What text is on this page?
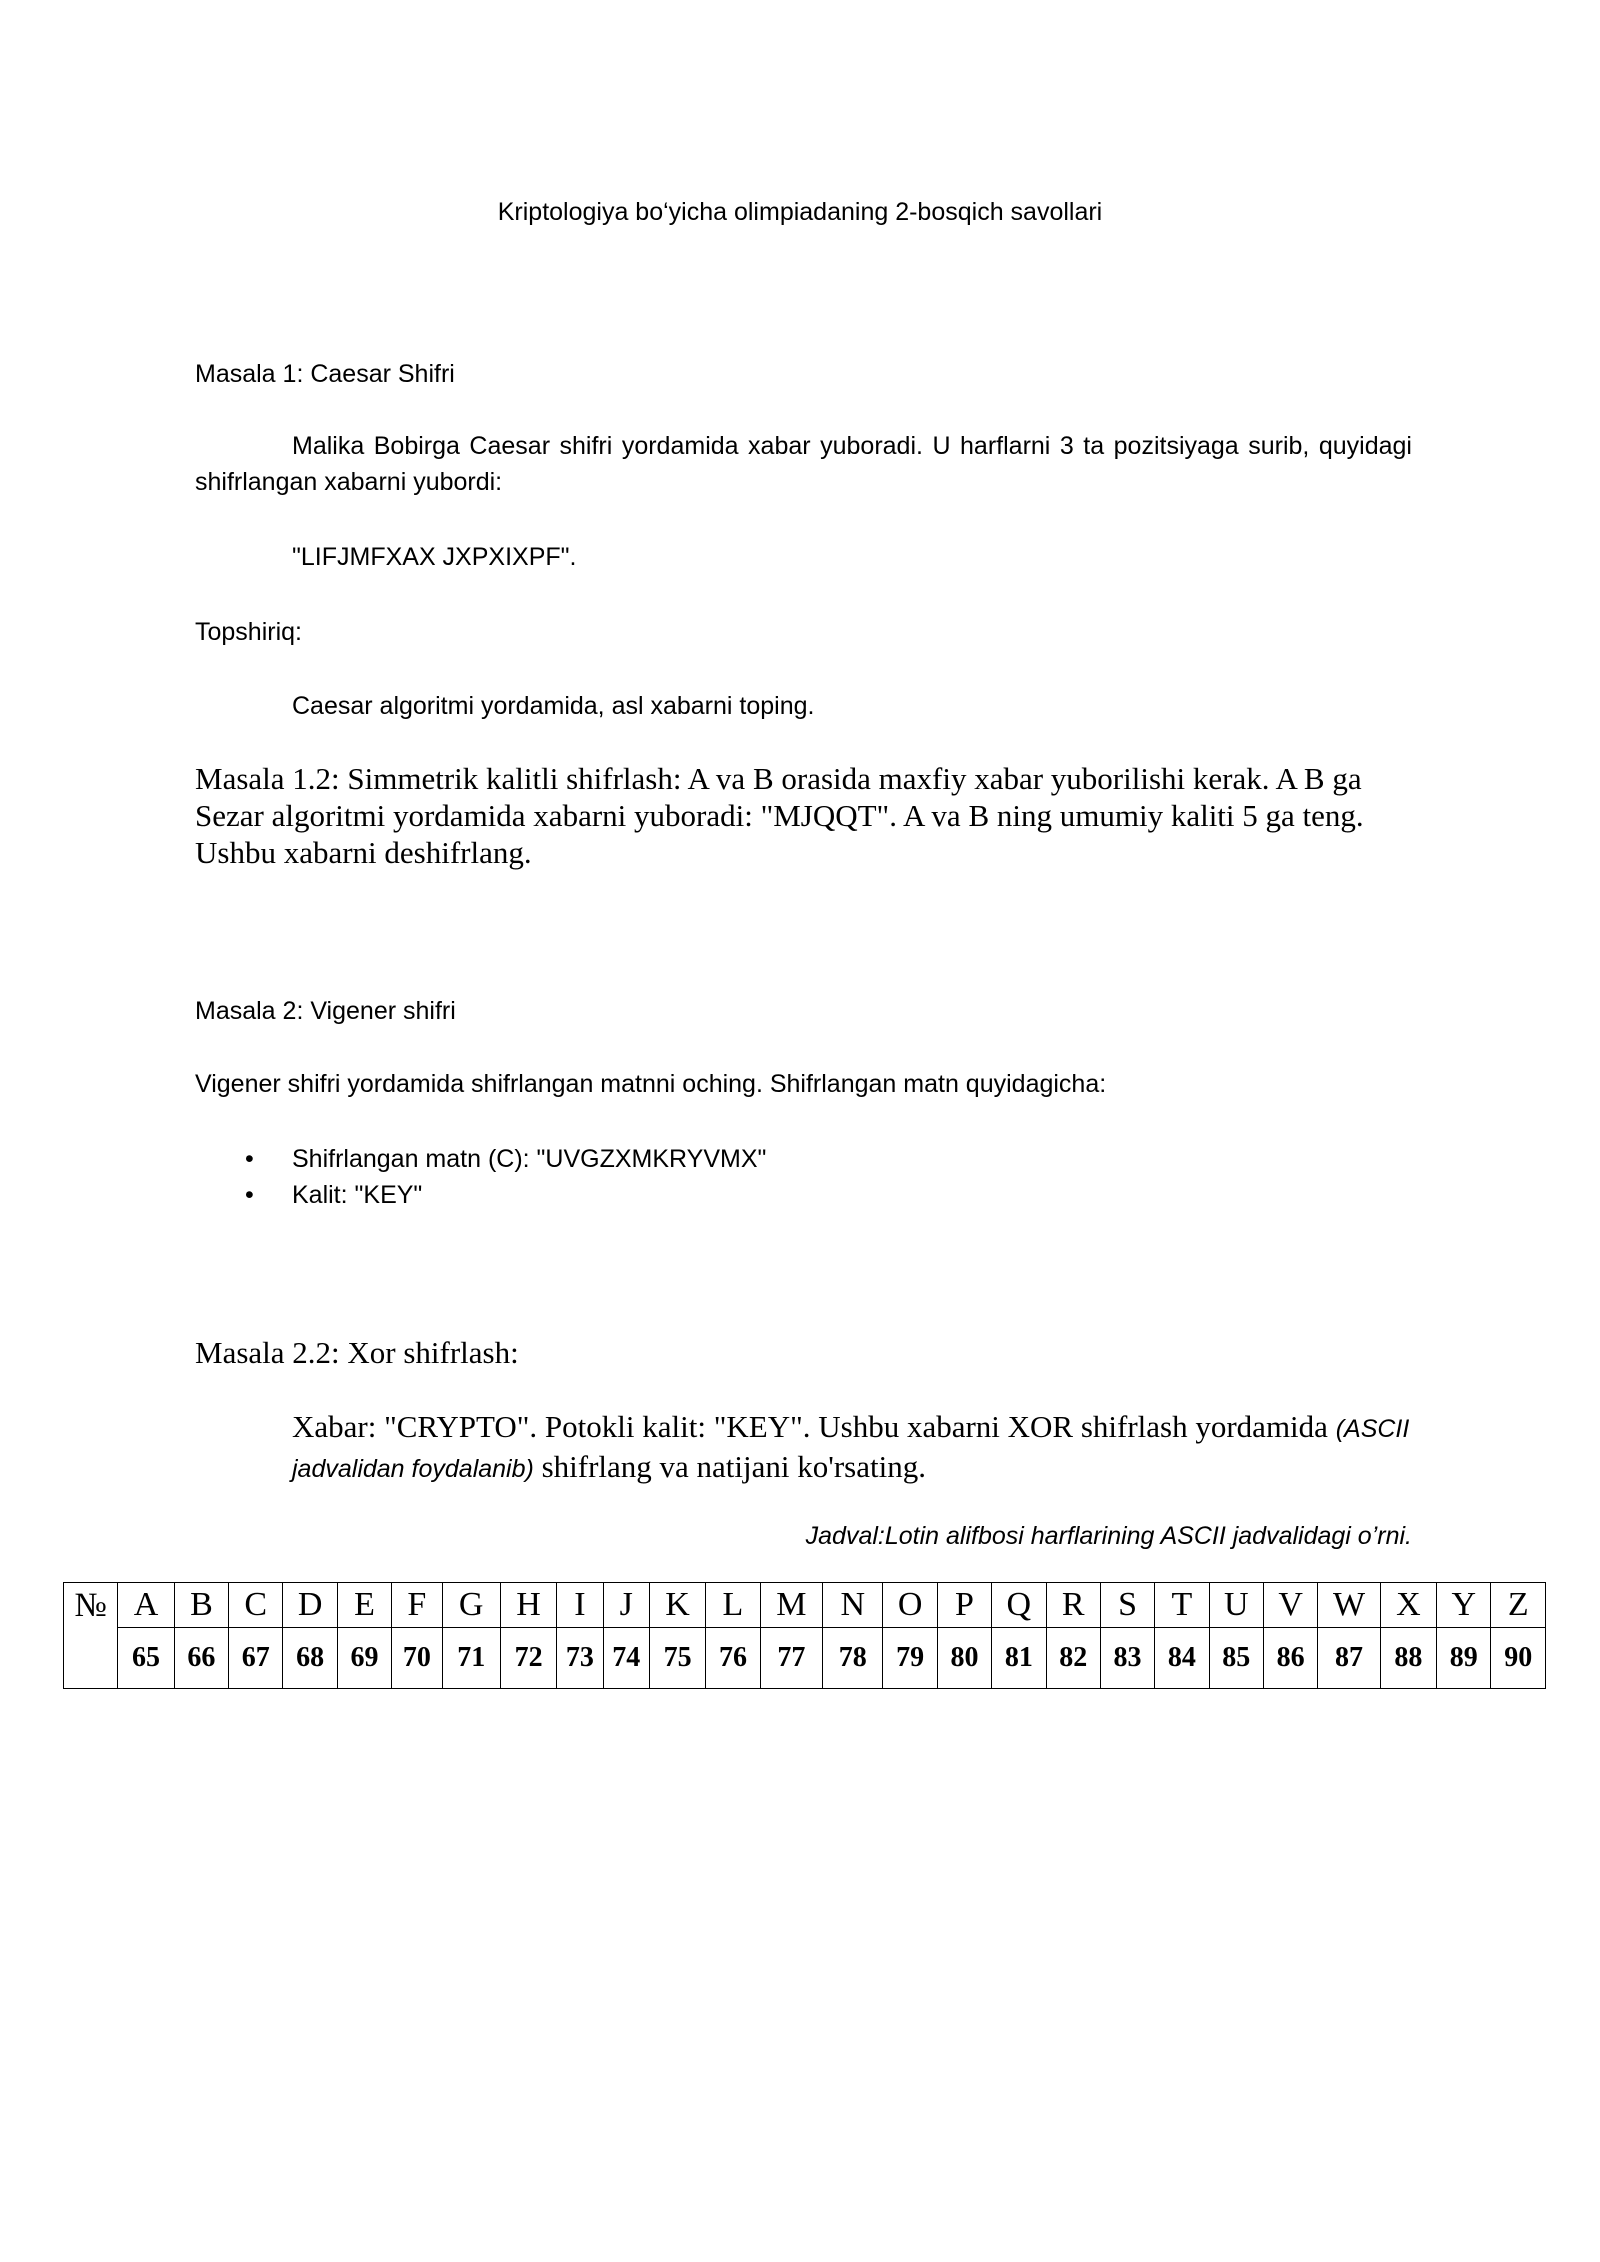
Kriptologiya bo‘yicha olimpiadaning 2-bosqich savollari

Masala 1: Caesar Shifri

Malika Bobirga Caesar shifri yordamida xabar yuboradi. U harflarni 3 ta pozitsiyaga surib, quyidagi shifrlangan xabarni yubordi:

"LIFJMFXAX JXPXIXPF".

Topshiriq:

Caesar algoritmi yordamida, asl xabarni toping.

Masala 1.2: Simmetrik kalitli shifrlash: A va B orasida maxfiy xabar yuborilishi kerak. A B ga Sezar algoritmi yordamida xabarni yuboradi: "MJQQT". A va B ning umumiy kaliti 5 ga teng. Ushbu xabarni deshifrlang.

Masala 2: Vigener shifri

Vigener shifri yordamida shifrlangan matnni oching. Shifrlangan matn quyidagicha:

• Shifrlangan matn (C): "UVGZXMKRYVMX"
• Kalit: "KEY"

Masala 2.2: Xor shifrlash:

Xabar: "CRYPTO". Potokli kalit: "KEY". Ushbu xabarni XOR shifrlash yordamida (ASCII jadvalidan foydalanib) shifrlang va natijani ko'rsating.

Jadval:Lotin alifbosi harflarining ASCII jadvalidagi o’rni.

№	A	B	C	D	E	F	G	H	I	J	K	L	M	N	O	P	Q	R	S	T	U	V	W	X	Y	Z
	65	66	67	68	69	70	71	72	73	74	75	76	77	78	79	80	81	82	83	84	85	86	87	88	89	90
